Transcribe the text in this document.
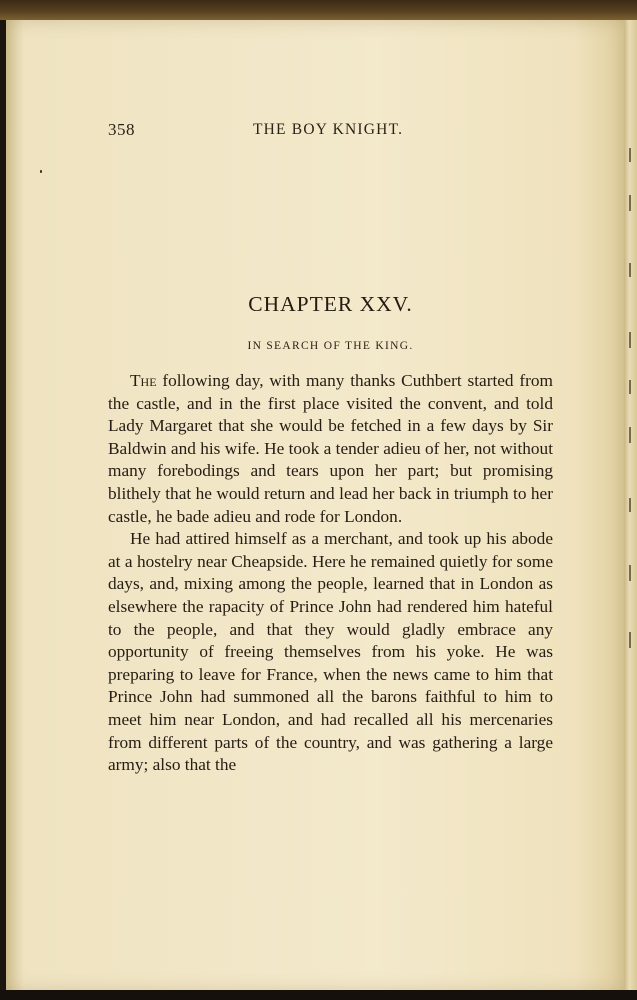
358	THE BOY KNIGHT.
CHAPTER XXV.
IN SEARCH OF THE KING.

The following day, with many thanks Cuthbert started from the castle, and in the first place visited the convent, and told Lady Margaret that she would be fetched in a few days by Sir Baldwin and his wife. He took a tender adieu of her, not without many forebodings and tears upon her part; but promising blithely that he would return and lead her back in triumph to her castle, he bade adieu and rode for London.

He had attired himself as a merchant, and took up his abode at a hostelry near Cheapside. Here he remained quietly for some days, and, mixing among the people, learned that in London as elsewhere the rapacity of Prince John had rendered him hateful to the people, and that they would gladly embrace any opportunity of freeing themselves from his yoke. He was preparing to leave for France, when the news came to him that Prince John had summoned all the barons faithful to him to meet him near London, and had recalled all his mercenaries from different parts of the country, and was gathering a large army; also that the
